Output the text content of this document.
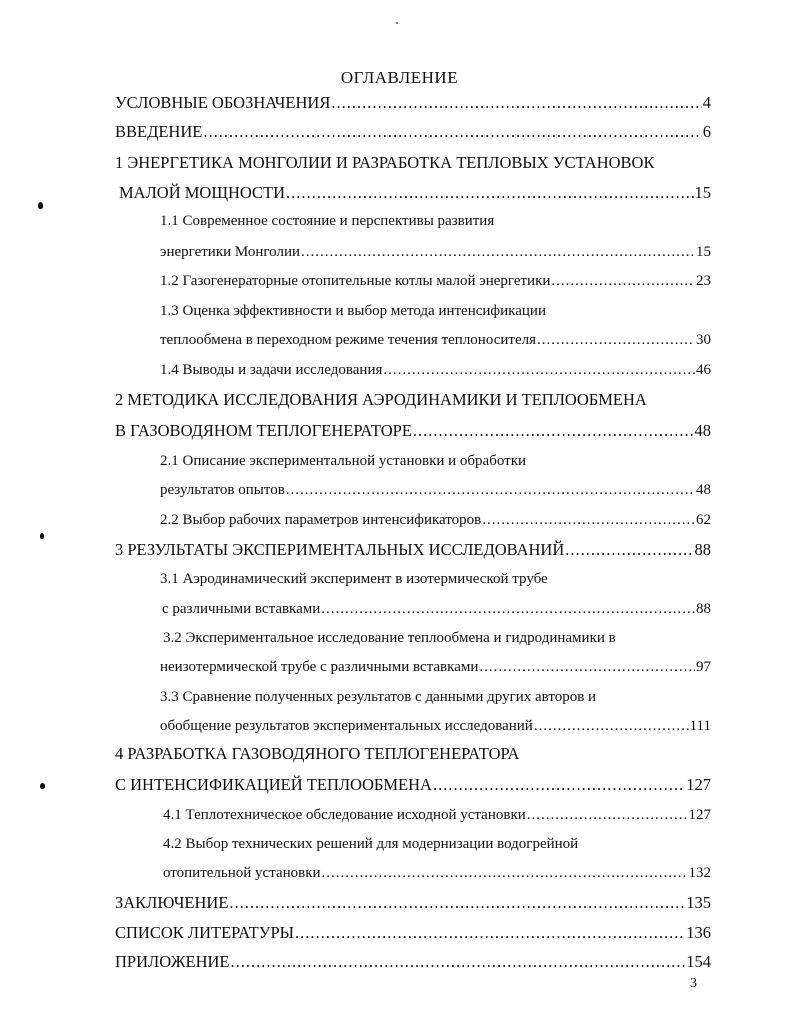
ОГЛАВЛЕНИЕ
УСЛОВНЫЕ ОБОЗНАЧЕНИЯ .....	4
ВВЕДЕНИЕ .....	6
1 ЭНЕРГЕТИКА МОНГОЛИИ И РАЗРАБОТКА ТЕПЛОВЫХ УСТАНОВОК
МАЛОЙ МОЩНОСТИ .....	15
1.1 Современное состояние и перспективы развития
энергетики Монголии .....	15
1.2 Газогенераторные отопительные котлы малой энергетики .....	23
1.3 Оценка эффективности и выбор метода интенсификации
теплообмена в переходном режиме течения теплоносителя .....	30
1.4 Выводы и задачи исследования .....	46
2 МЕТОДИКА ИССЛЕДОВАНИЯ АЭРОДИНАМИКИ И ТЕПЛООБМЕНА
В ГАЗОВОДЯНОМ ТЕПЛОГЕНЕРАТОРЕ .....	48
2.1 Описание экспериментальной установки и обработки
результатов опытов .....	48
2.2 Выбор рабочих параметров интенсификаторов .....	62
3 РЕЗУЛЬТАТЫ ЭКСПЕРИМЕНТАЛЬНЫХ ИССЛЕДОВАНИЙ .....	88
3.1 Аэродинамический эксперимент в изотермической трубе
с различными вставками .....	88
3.2 Экспериментальное исследование теплообмена и гидродинамики в
неизотермической трубе с различными вставками .....	97
3.3 Сравнение полученных результатов с данными других авторов и
обобщение результатов экспериментальных исследований .....	111
4 РАЗРАБОТКА ГАЗОВОДЯНОГО ТЕПЛОГЕНЕРАТОРА
С ИНТЕНСИФИКАЦИЕЙ ТЕПЛООБМЕНА .....	127
4.1 Теплотехническое обследование исходной установки .....	127
4.2 Выбор технических решений для модернизации водогрейной
отопительной установки .....	132
ЗАКЛЮЧЕНИЕ .....	135
СПИСОК ЛИТЕРАТУРЫ .....	136
ПРИЛОЖЕНИЕ .....	154
3
